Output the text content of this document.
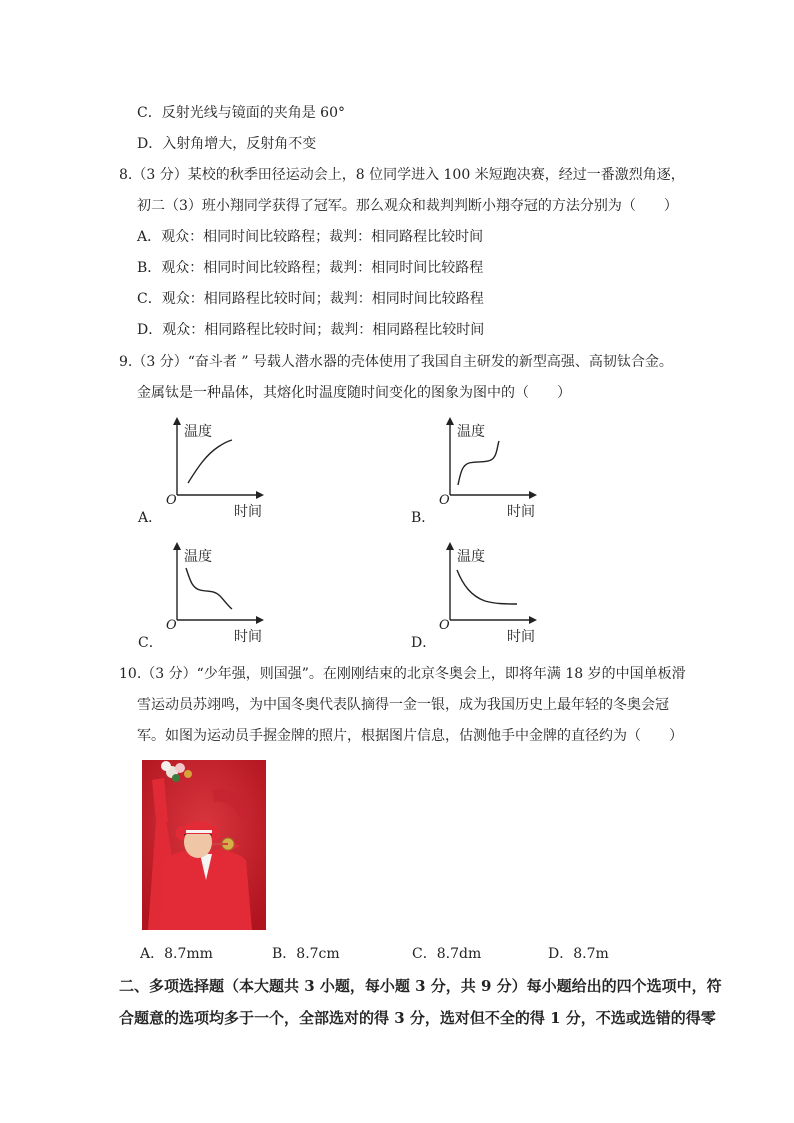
C．反射光线与镜面的夹角是 60°
D．入射角增大，反射角不变
8.（3 分）某校的秋季田径运动会上，8 位同学进入 100 米短跑决赛，经过一番激烈角逐，
初二（3）班小翔同学获得了冠军。那么观众和裁判判断小翔夺冠的方法分别为（　　）
A．观众：相同时间比较路程；裁判：相同路程比较时间
B．观众：相同时间比较路程；裁判：相同时间比较路程
C．观众：相同路程比较时间；裁判：相同时间比较路程
D．观众：相同路程比较时间；裁判：相同路程比较时间
9.（3 分）“奋斗者 ” 号载人潜水器的壳体使用了我国自主研发的新型高强、高韧钛合金。
金属钛是一种晶体，其熔化时温度随时间变化的图象为图中的（　　）
温度
时间
O
A．
温度
时间
O
B．
温度
时间
O
C．
温度
时间
O
D．
10.（3 分）“少年强，则国强”。在刚刚结束的北京冬奥会上，即将年满 18 岁的中国单板滑
雪运动员苏翊鸣，为中国冬奥代表队摘得一金一银，成为我国历史上最年轻的冬奥会冠
军。如图为运动员手握金牌的照片，根据图片信息，估测他手中金牌的直径约为（　　）
A．8.7mm	B．8.7cm	C．8.7dm	D．8.7m
二、多项选择题（本大题共 3 小题，每小题 3 分，共 9 分）每小题给出的四个选项中，符
合题意的选项均多于一个，全部选对的得 3 分，选对但不全的得 1 分，不选或选错的得零
